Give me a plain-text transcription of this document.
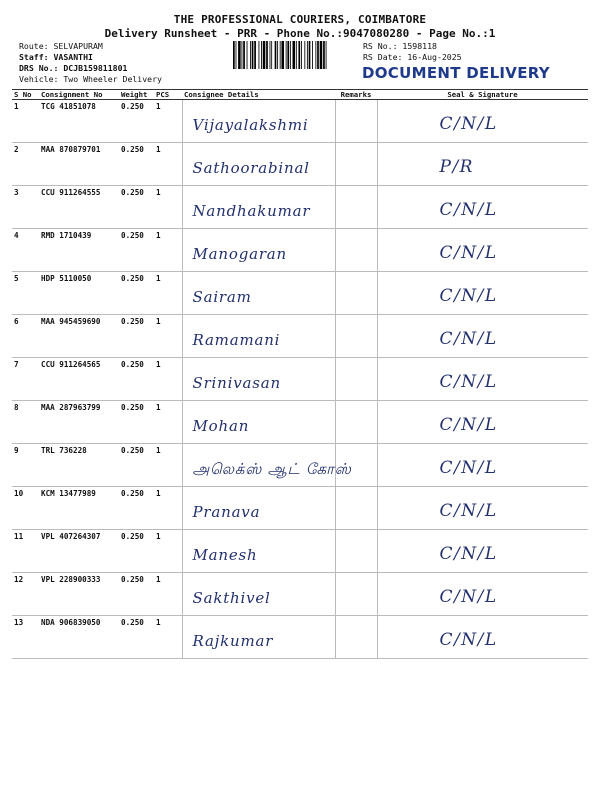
THE PROFESSIONAL COURIERS, COIMBATORE
Delivery Runsheet - PRR - Phone No.:9047080280 - Page No.:1
Route: SELVAPURAM
Staff: VASANTHI
DRS No.: DCJB159811801
Vehicle: Two Wheeler Delivery
RS No.: 1598118
RS Date: 16-Aug-2025
DOCUMENT DELIVERY
S No	Consignment No	Weight	PCS	Consignee Details	Remarks	Seal & Signature
1	TCG 41851078	0.250	1	Vijayalakshmi		C/N/L

2	MAA 870879701	0.250	1	Sathoorabinal		P/R

3	CCU 911264555	0.250	1	Nandhakumar		C/N/L

4	RMD 1710439	0.250	1	Manogaran		C/N/L

5	HDP 5110050	0.250	1	Sairam		C/N/L

6	MAA 945459690	0.250	1	Ramamani		C/N/L

7	CCU 911264565	0.250	1	Srinivasan		C/N/L

8	MAA 287963799	0.250	1	Mohan		C/N/L

9	TRL 736228	0.250	1	அலெக்ஸ் ஆட் கோஸ்		C/N/L

10	KCM 13477989	0.250	1	Pranava		C/N/L

11	VPL 407264307	0.250	1	Manesh		C/N/L

12	VPL 228900333	0.250	1	Sakthivel		C/N/L

13	NDA 906839050	0.250	1	Rajkumar		C/N/L
